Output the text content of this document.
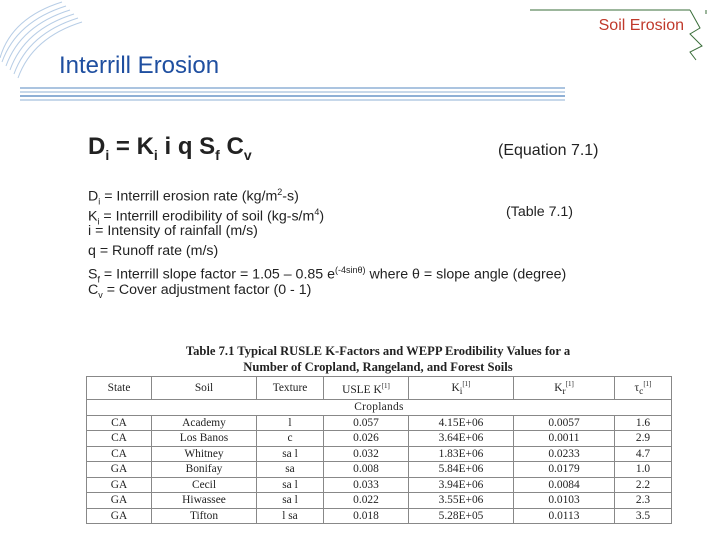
Soil Erosion
Interrill Erosion
$D_i = K_i$ i q $S_f$ $C_v$	(Equation 7.1)
$D_i$ = Interrill erosion rate $(kg/m^2-s)$
$K_i$ = Interrill erodibility of soil $(kg-s/m^4)$	(Table 7.1)
i = Intensity of rainfall (m/s)
q = Runoff rate (m/s)
$S_f$ = Interrill slope factor = 1.05 – 0.85 $e^{(-4sin\theta)}$ where θ = slope angle (degree)
$C_v$ = Cover adjustment factor (0 - 1)
Table 7.1 Typical RUSLE K-Factors and WEPP Erodibility Values for a
Number of Cropland, Rangeland, and Forest Soils
State	Soil	Texture	USLE K[1]	$K_i[1]$	$K_r[1]$	$\tau_c[1]$
Croplands						
CA	Academy	l	0.057	4.15E+06	0.0057	1.6
CA	Los Banos	c	0.026	3.64E+06	0.0011	2.9
CA	Whitney	sa l	0.032	1.83E+06	0.0233	4.7
GA	Bonifay	sa	0.008	5.84E+06	0.0179	1.0
GA	Cecil	sa l	0.033	3.94E+06	0.0084	2.2
GA	Hiwassee	sa l	0.022	3.55E+06	0.0103	2.3
GA	Tifton	l sa	0.018	5.28E+05	0.0113	3.5
